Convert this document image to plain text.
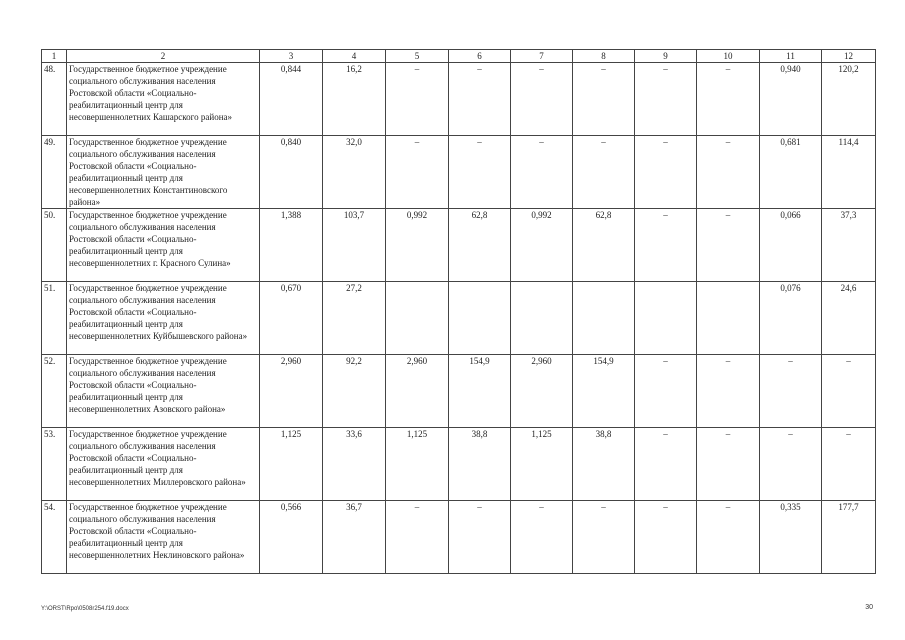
1	2	3	4	5	6	7	8	9	10	11	12
48.	Государственное бюджетное учреждение социального обслуживания населения Ростовской области «Социально-реабилитационный центр для несовершеннолетних Кашарского района»	0,844	16,2	–	–	–	–	–	–	0,940	120,2
49.	Государственное бюджетное учреждение социального обслуживания населения Ростовской области «Социально-реабилитационный центр для несовершеннолетних Константиновского района»	0,840	32,0	–	–	–	–	–	–	0,681	114,4
50.	Государственное бюджетное учреждение социального обслуживания населения Ростовской области «Социально-реабилитационный центр для несовершеннолетних г. Красного Сулина»	1,388	103,7	0,992	62,8	0,992	62,8	–	–	0,066	37,3
51.	Государственное бюджетное учреждение социального обслуживания населения Ростовской области «Социально-реабилитационный центр для несовершеннолетних Куйбышевского района»	0,670	27,2							0,076	24,6
52.	Государственное бюджетное учреждение социального обслуживания населения Ростовской области «Социально-реабилитационный центр для несовершеннолетних Азовского района»	2,960	92,2	2,960	154,9	2,960	154,9	–	–	–	–
53.	Государственное бюджетное учреждение социального обслуживания населения Ростовской области «Социально-реабилитационный центр для несовершеннолетних Миллеровского района»	1,125	33,6	1,125	38,8	1,125	38,8	–	–	–	–
54.	Государственное бюджетное учреждение социального обслуживания населения Ростовской области «Социально-реабилитационный центр для несовершеннолетних Неклиновского района»	0,566	36,7	–	–	–	–	–	–	0,335	177,7
Y:\ORST\Rpo\0508r254.f19.docx	30
